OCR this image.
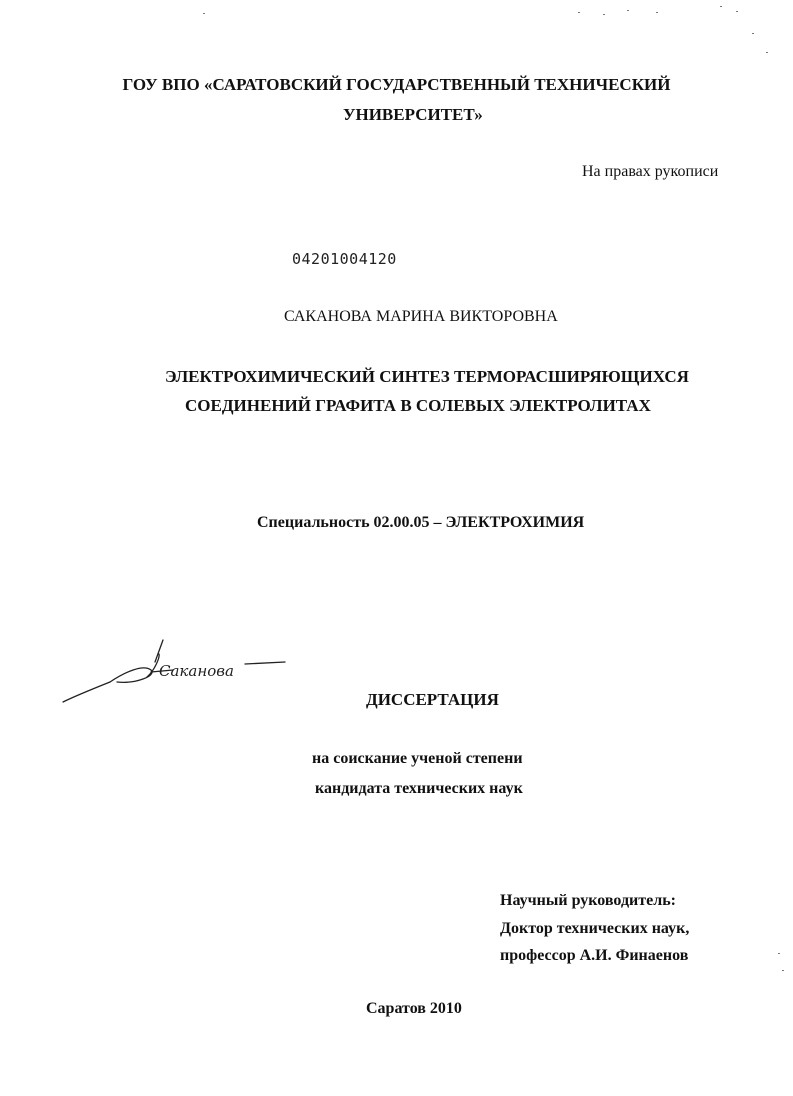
ГОУ ВПО «САРАТОВСКИЙ ГОСУДАРСТВЕННЫЙ ТЕХНИЧЕСКИЙ
УНИВЕРСИТЕТ»
На правах рукописи
04201004120
САКАНОВА МАРИНА ВИКТОРОВНА
ЭЛЕКТРОХИМИЧЕСКИЙ СИНТЕЗ ТЕРМОРАСШИРЯЮЩИХСЯ
СОЕДИНЕНИЙ ГРАФИТА В СОЛЕВЫХ ЭЛЕКТРОЛИТАХ
Специальность 02.00.05 – ЭЛЕКТРОХИМИЯ
Саканова
ДИССЕРТАЦИЯ
на соискание ученой степени
кандидата технических наук
Научный руководитель:
Доктор технических наук,
профессор А.И. Финаенов
Саратов 2010
